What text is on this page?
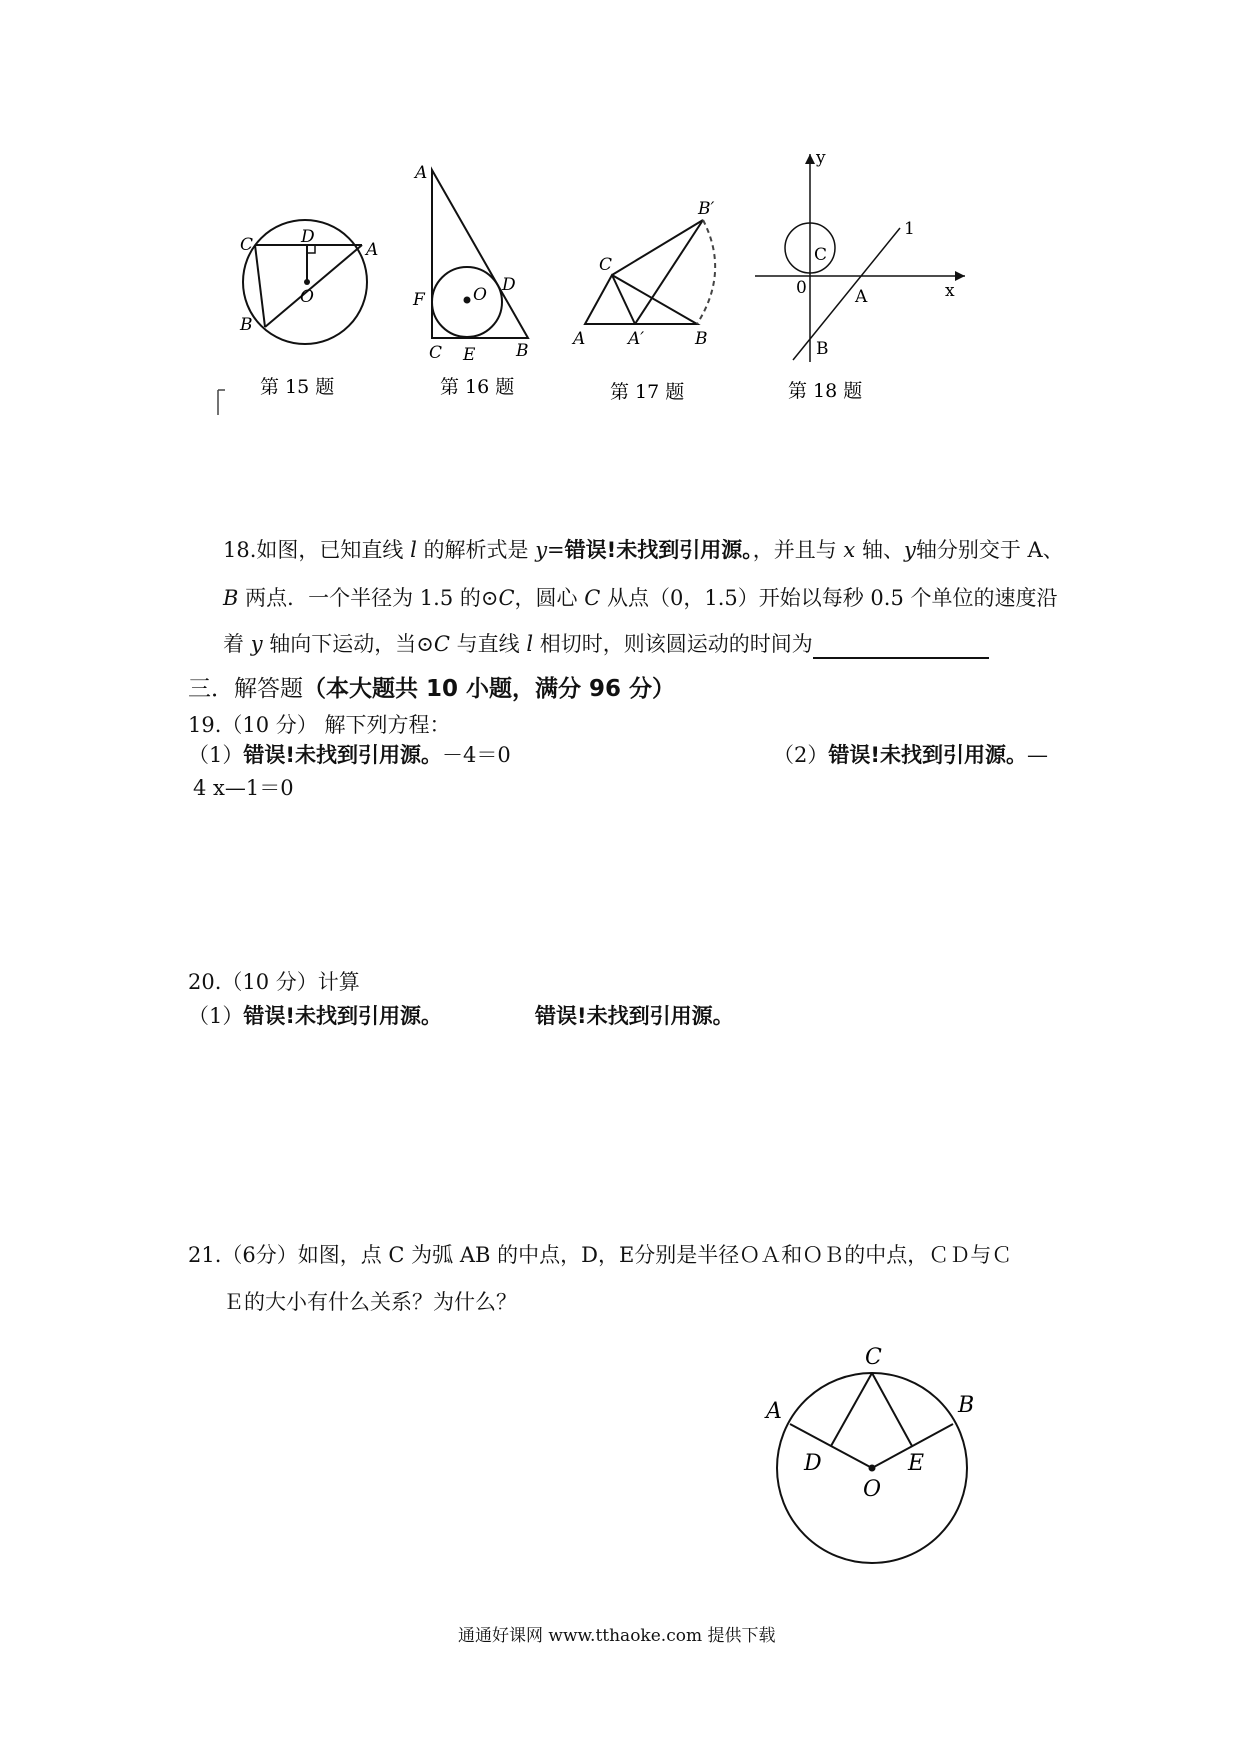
C	D
A
O
B
第 15 题
A
F	O D
C E B
第 16 题
B′
C
A	A′	B
第 17 题
y
1
C
0	A	x
B
第 18 题
18.如图，已知直线 l 的解析式是 y=错误!未找到引用源。，并且与 x 轴、y轴分别交于 A、
B 两点．一个半径为 1.5 的⊙C，圆心 C 从点（0，1.5）开始以每秒 0.5 个单位的速度沿
着 y 轴向下运动，当⊙C 与直线 l 相切时，则该圆运动的时间为
三．解答题（本大题共 10 小题，满分 96 分）
19.（10 分） 解下列方程：
（1）错误!未找到引用源。－4＝0	（2）错误!未找到引用源。—
4 x—1＝0
20.（10 分）计算
（1）错误!未找到引用源。	错误!未找到引用源。
21.（6分）如图，点 C 为弧 AB 的中点，D，E分别是半径ＯＡ和ＯＢ的中点，ＣＤ与Ｃ
Ｅ的大小有什么关系？为什么？
C
A	B
D	E
O
通通好课网 www.tthaoke.com 提供下载
